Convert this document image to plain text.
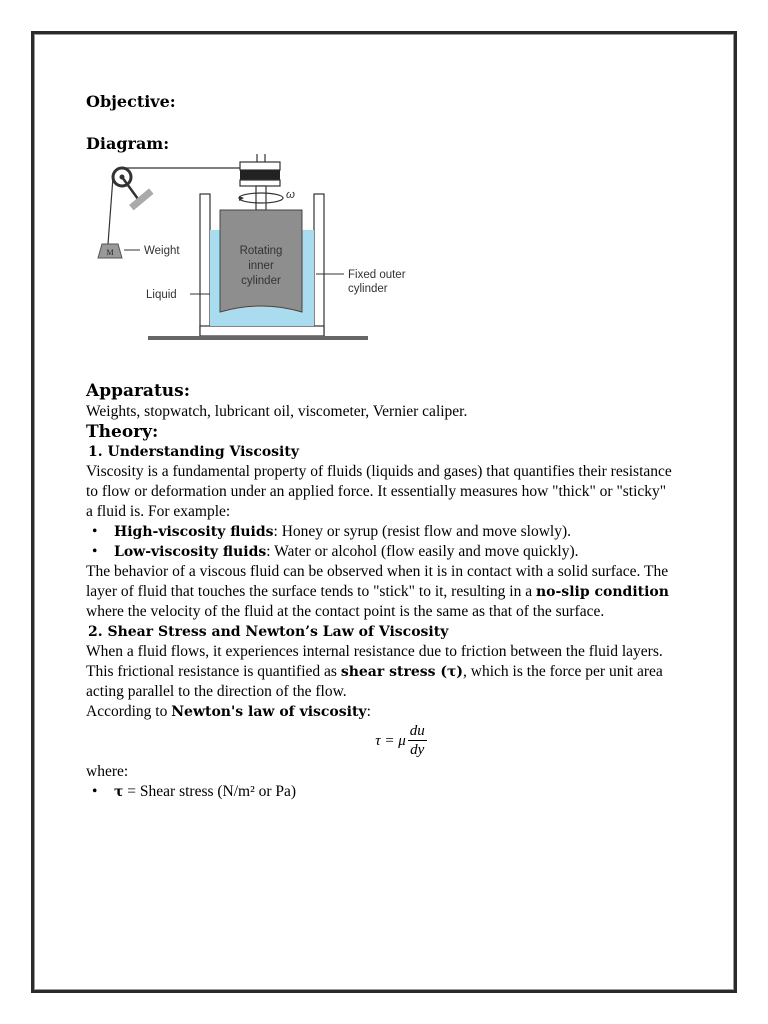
Objective:

Diagram:

M	Weight
ω
Rotating
inner
cylinder
Liquid
Fixed outer
cylinder

Apparatus:

Weights, stopwatch, lubricant oil, viscometer, Vernier caliper.

Theory:

1. Understanding Viscosity

Viscosity is a fundamental property of fluids (liquids and gases) that quantifies their resistance to flow or deformation under an applied force. It essentially measures how "thick" or "sticky" a fluid is. For example:

• High-viscosity fluids: Honey or syrup (resist flow and move slowly).
• Low-viscosity fluids: Water or alcohol (flow easily and move quickly).

The behavior of a viscous fluid can be observed when it is in contact with a solid surface. The layer of fluid that touches the surface tends to "stick" to it, resulting in a no-slip condition where the velocity of the fluid at the contact point is the same as that of the surface.

2. Shear Stress and Newton’s Law of Viscosity

When a fluid flows, it experiences internal resistance due to friction between the fluid layers. This frictional resistance is quantified as shear stress (τ), which is the force per unit area acting parallel to the direction of the flow.

According to Newton's law of viscosity:

τ = μ $\frac{du}{dy}$

where:

• τ = Shear stress (N/m² or Pa)
